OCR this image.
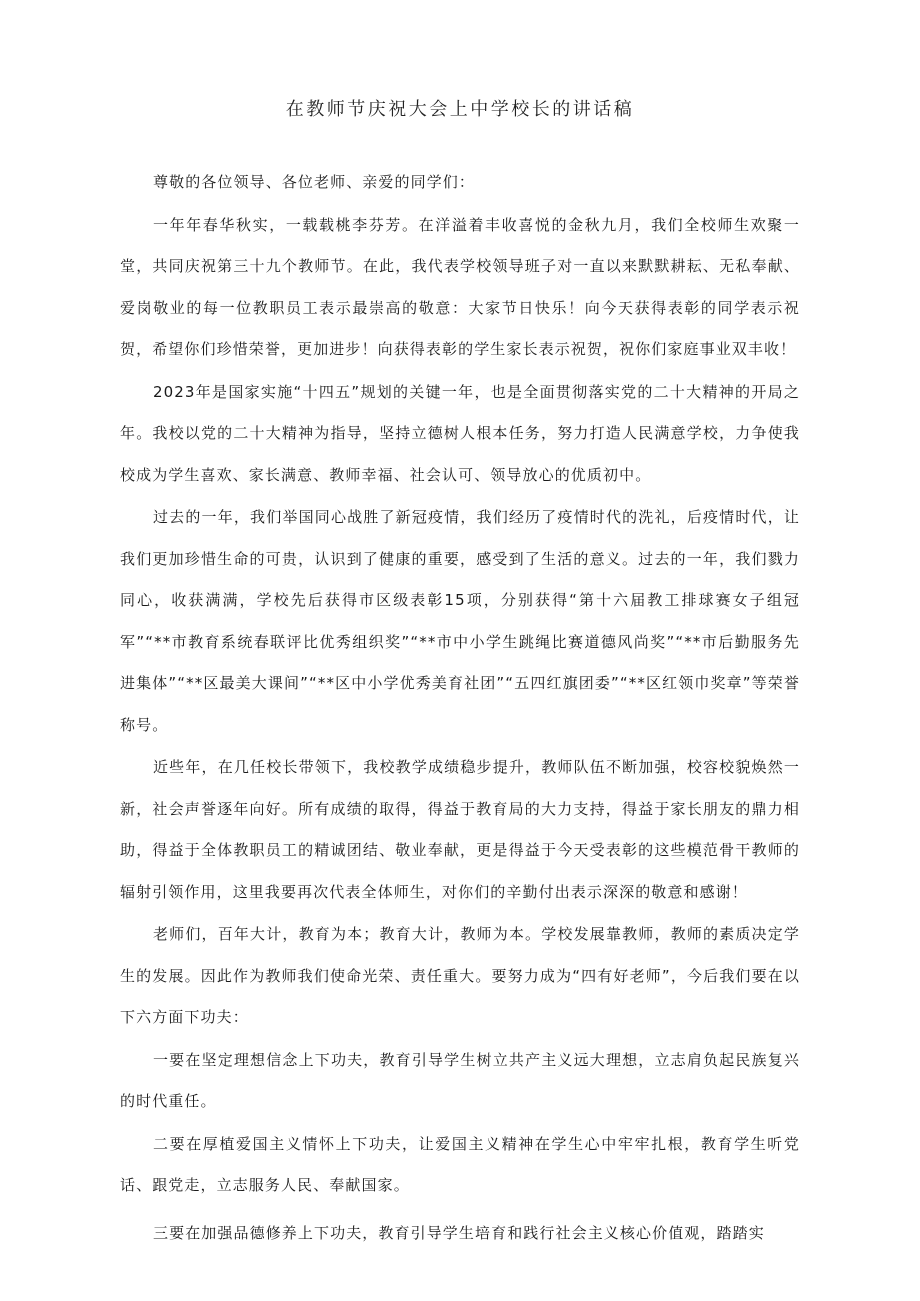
在教师节庆祝大会上中学校长的讲话稿

尊敬的各位领导、各位老师、亲爱的同学们：

一年年春华秋实，一载载桃李芬芳。在洋溢着丰收喜悦的金秋九月，我们全校师生欢聚一堂，共同庆祝第三十九个教师节。在此，我代表学校领导班子对一直以来默默耕耘、无私奉献、爱岗敬业的每一位教职员工表示最崇高的敬意：大家节日快乐！向今天获得表彰的同学表示祝贺，希望你们珍惜荣誉，更加进步！向获得表彰的学生家长表示祝贺，祝你们家庭事业双丰收！

2023年是国家实施“十四五”规划的关键一年，也是全面贯彻落实党的二十大精神的开局之年。我校以党的二十大精神为指导，坚持立德树人根本任务，努力打造人民满意学校，力争使我校成为学生喜欢、家长满意、教师幸福、社会认可、领导放心的优质初中。

过去的一年，我们举国同心战胜了新冠疫情，我们经历了疫情时代的洗礼，后疫情时代，让我们更加珍惜生命的可贵，认识到了健康的重要，感受到了生活的意义。过去的一年，我们戮力同心，收获满满，学校先后获得市区级表彰15项，分别获得“第十六届教工排球赛女子组冠军”“**市教育系统春联评比优秀组织奖”“**市中小学生跳绳比赛道德风尚奖”“**市后勤服务先进集体”“**区最美大课间”“**区中小学优秀美育社团”“五四红旗团委”“**区红领巾奖章”等荣誉称号。

近些年，在几任校长带领下，我校教学成绩稳步提升，教师队伍不断加强，校容校貌焕然一新，社会声誉逐年向好。所有成绩的取得，得益于教育局的大力支持，得益于家长朋友的鼎力相助，得益于全体教职员工的精诚团结、敬业奉献，更是得益于今天受表彰的这些模范骨干教师的辐射引领作用，这里我要再次代表全体师生，对你们的辛勤付出表示深深的敬意和感谢！

老师们，百年大计，教育为本；教育大计，教师为本。学校发展靠教师，教师的素质决定学生的发展。因此作为教师我们使命光荣、责任重大。要努力成为“四有好老师”，今后我们要在以下六方面下功夫：

一要在坚定理想信念上下功夫，教育引导学生树立共产主义远大理想，立志肩负起民族复兴的时代重任。

二要在厚植爱国主义情怀上下功夫，让爱国主义精神在学生心中牢牢扎根，教育学生听党话、跟党走，立志服务人民、奉献国家。

三要在加强品德修养上下功夫，教育引导学生培育和践行社会主义核心价值观，踏踏实
